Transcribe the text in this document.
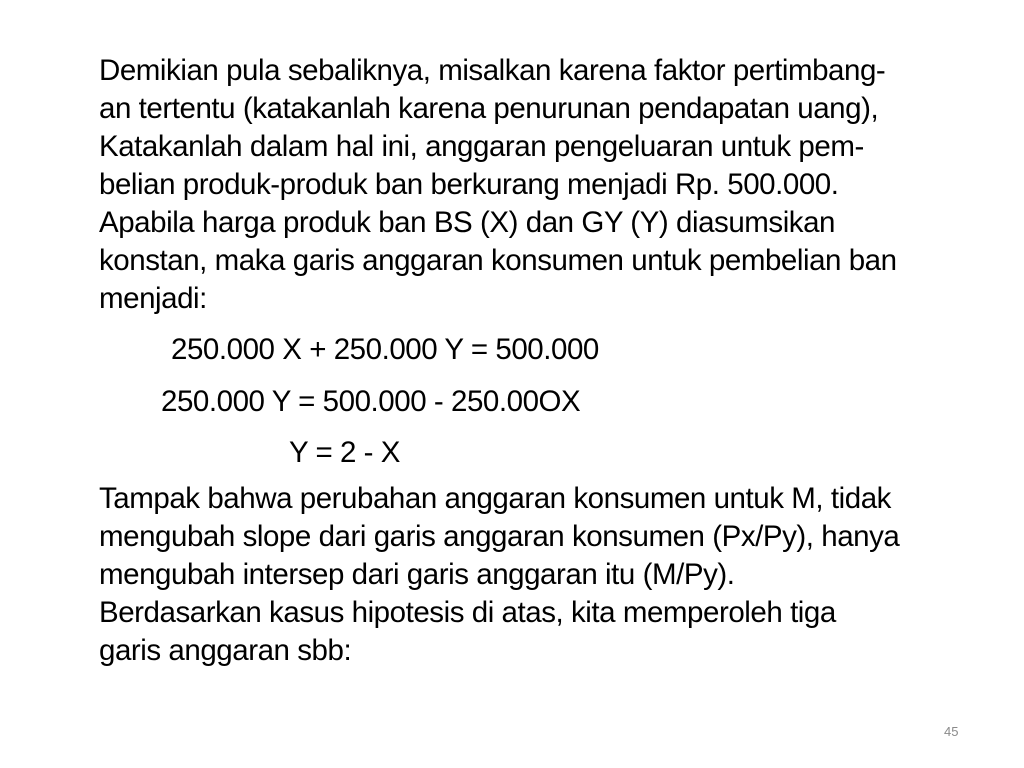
Demikian pula sebaliknya, misalkan karena faktor pertimbang-
an tertentu (katakanlah karena penurunan pendapatan uang),
Katakanlah dalam hal ini, anggaran pengeluaran untuk pem-
belian produk-produk ban berkurang menjadi Rp. 500.000.
Apabila harga produk ban BS (X) dan GY (Y) diasumsikan
konstan, maka garis anggaran konsumen untuk pembelian ban
menjadi:
250.000 X + 250.000 Y = 500.000
250.000 Y = 500.000 - 250.00OX
Y = 2 - X
Tampak bahwa perubahan anggaran konsumen untuk M, tidak
mengubah slope dari garis anggaran konsumen (Px/Py), hanya
mengubah intersep dari garis anggaran itu (M/Py).
Berdasarkan kasus hipotesis di atas, kita memperoleh tiga
garis anggaran sbb:
45
